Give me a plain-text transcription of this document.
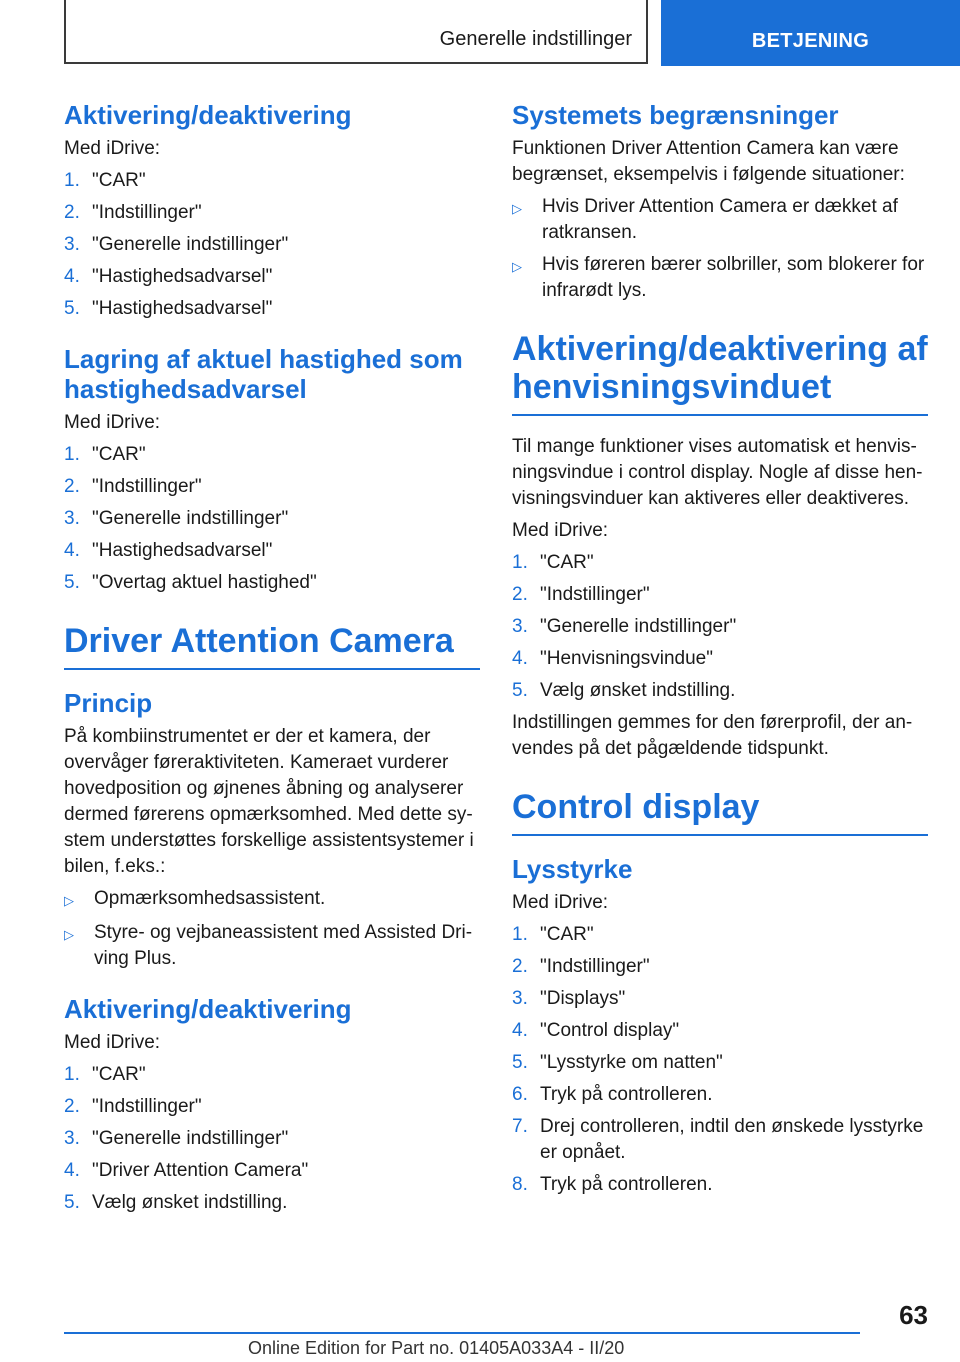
Generelle indstillinger	BETJENING
Aktivering/deaktivering

Med iDrive:

1. "CAR"
2. "Indstillinger"
3. "Generelle indstillinger"
4. "Hastighedsadvarsel"
5. "Hastighedsadvarsel"
Lagring af aktuel hastighed som hastighedsadvarsel

Med iDrive:

1. "CAR"
2. "Indstillinger"
3. "Generelle indstillinger"
4. "Hastighedsadvarsel"
5. "Overtag aktuel hastighed"
Driver Attention Camera
Princip

På kombiinstrumentet er der et kamera, der overvåger føreraktiviteten. Kameraet vurderer hovedposition og øjnenes åbning og analyserer dermed førerens opmærksomhed. Med dette system understøttes forskellige assistentsystemer i bilen, f.eks.:

▷	Opmærksomhedsassistent.
▷	Styre- og vejbaneassistent med Assisted Driving Plus.
Aktivering/deaktivering

Med iDrive:

1. "CAR"
2. "Indstillinger"
3. "Generelle indstillinger"
4. "Driver Attention Camera"
5. Vælg ønsket indstilling.
Systemets begrænsninger

Funktionen Driver Attention Camera kan være begrænset, eksempelvis i følgende situationer:

▷	Hvis Driver Attention Camera er dækket af ratkransen.
▷	Hvis føreren bærer solbriller, som blokerer for infrarødt lys.
Aktivering/deaktivering af henvisningsvinduet

Til mange funktioner vises automatisk et henvisningsvindue i control display. Nogle af disse henvisningsvinduer kan aktiveres eller deaktiveres.

Med iDrive:

1. "CAR"
2. "Indstillinger"
3. "Generelle indstillinger"
4. "Henvisningsvindue"
5. Vælg ønsket indstilling.

Indstillingen gemmes for den førerprofil, der anvendes på det pågældende tidspunkt.

Control display
Lysstyrke

Med iDrive:

1. "CAR"
2. "Indstillinger"
3. "Displays"
4. "Control display"
5. "Lysstyrke om natten"
6. Tryk på controlleren.
7. Drej controlleren, indtil den ønskede lysstyrke er opnået.
8. Tryk på controlleren.
63
Online Edition for Part no. 01405A033A4 - II/20
